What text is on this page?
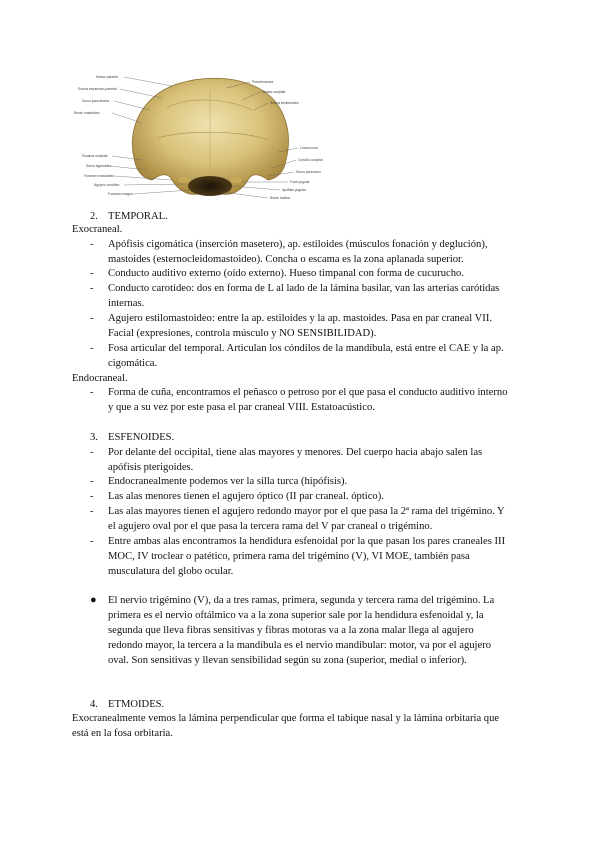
Hueso parietal
Sutura escamoso-parietal
Surco para arteria
Borde mastoideo
Escama occipital
Surco sigmoideo
Foramen mastoideo
Agujero condíleo
Foramen magno
Protuberancia
Cresta occipital
Sutura lambdoidea
Línea nucal
Cóndilo occipital
Surco para seno
Fosa yugular
Apófisis yugular
Borde basilar
2. TEMPORAL.
Exocraneal.
- Apófisis cigomática (inserción masetero), ap. estiloides (músculos fonación y deglución),
mastoides (esternocleidomastoideo). Concha o escama es la zona aplanada superior.
- Conducto auditivo externo (oído externo). Hueso timpanal con forma de cucurucho.
- Conducto carotídeo: dos en forma de L al lado de la lámina basilar, van las arterias carótidas
internas.
- Agujero estilomastoideo: entre la ap. estiloides y la ap. mastoides. Pasa en par craneal VII.
Facial (expresiones, controla músculo y NO SENSIBILIDAD).
- Fosa articular del temporal. Articulan los cóndilos de la mandíbula, está entre el CAE y la ap.
cigomática.
Endocraneal.
- Forma de cuña, encontramos el peñasco o petroso por el que pasa el conducto auditivo interno
y que a su vez por este pasa el par craneal VIII. Estatoacústico.
3. ESFENOIDES.
- Por delante del occipital, tiene alas mayores y menores. Del cuerpo hacia abajo salen las
apófisis pterigoides.
- Endocranealmente podemos ver la silla turca (hipófisis).
- Las alas menores tienen el agujero óptico (II par craneal. óptico).
- Las alas mayores tienen el agujero redondo mayor por el que pasa la 2ª rama del trigémino. Y
el agujero oval por el que pasa la tercera rama del V par craneal o trigémino.
- Entre ambas alas encontramos la hendidura esfenoidal por la que pasan los pares craneales III
MOC, IV troclear o patético, primera rama del trigémino (V), VI MOE, también pasa
musculatura del globo ocular.
● El nervio trigémino (V), da a tres ramas, primera, segunda y tercera rama del trigémino. La
primera es el nervio oftálmico va a la zona superior sale por la hendidura esfenoidal y, la
segunda que lleva fibras sensitivas y fibras motoras va a la zona malar llega al agujero
redondo mayor, la tercera a la mandíbula es el nervio mandibular: motor, va por el agujero
oval. Son sensitivas y llevan sensibilidad según su zona (superior, medial o inferior).
4. ETMOIDES.
Exocranealmente vemos la lámina perpendicular que forma el tabique nasal y la lámina orbitaria que
está en la fosa orbitaria.
